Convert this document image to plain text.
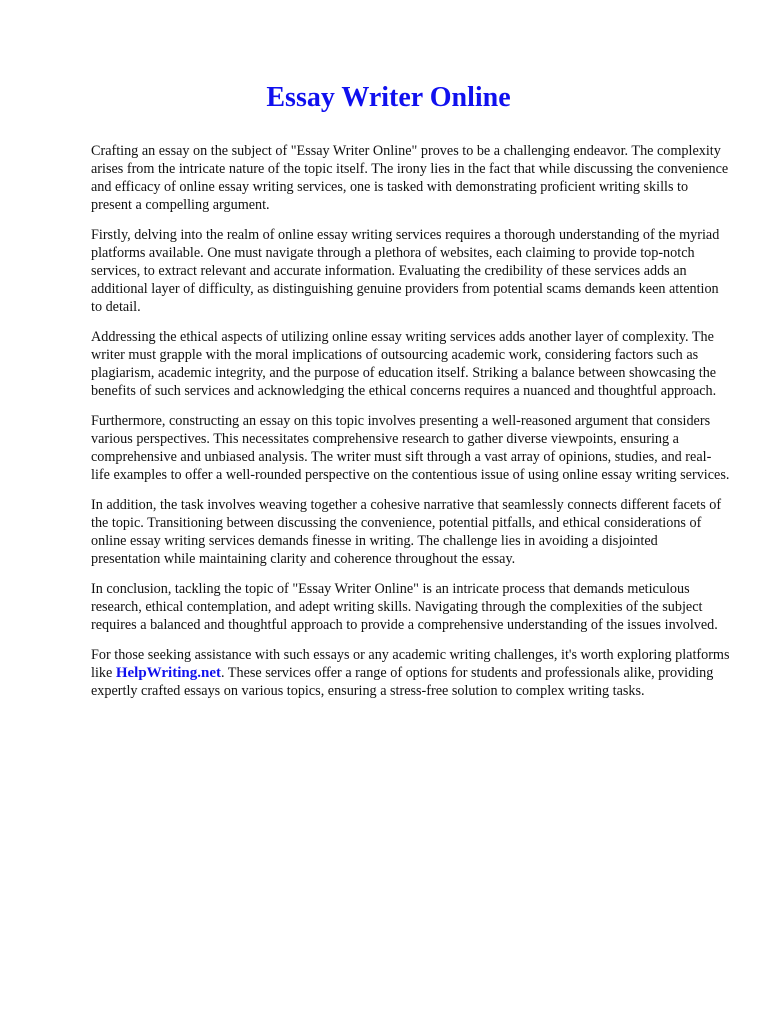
Essay Writer Online

Crafting an essay on the subject of "Essay Writer Online" proves to be a challenging endeavor. The complexity arises from the intricate nature of the topic itself. The irony lies in the fact that while discussing the convenience and efficacy of online essay writing services, one is tasked with demonstrating proficient writing skills to present a compelling argument.

Firstly, delving into the realm of online essay writing services requires a thorough understanding of the myriad platforms available. One must navigate through a plethora of websites, each claiming to provide top-notch services, to extract relevant and accurate information. Evaluating the credibility of these services adds an additional layer of difficulty, as distinguishing genuine providers from potential scams demands keen attention to detail.

Addressing the ethical aspects of utilizing online essay writing services adds another layer of complexity. The writer must grapple with the moral implications of outsourcing academic work, considering factors such as plagiarism, academic integrity, and the purpose of education itself. Striking a balance between showcasing the benefits of such services and acknowledging the ethical concerns requires a nuanced and thoughtful approach.

Furthermore, constructing an essay on this topic involves presenting a well-reasoned argument that considers various perspectives. This necessitates comprehensive research to gather diverse viewpoints, ensuring a comprehensive and unbiased analysis. The writer must sift through a vast array of opinions, studies, and real-life examples to offer a well-rounded perspective on the contentious issue of using online essay writing services.

In addition, the task involves weaving together a cohesive narrative that seamlessly connects different facets of the topic. Transitioning between discussing the convenience, potential pitfalls, and ethical considerations of online essay writing services demands finesse in writing. The challenge lies in avoiding a disjointed presentation while maintaining clarity and coherence throughout the essay.

In conclusion, tackling the topic of "Essay Writer Online" is an intricate process that demands meticulous research, ethical contemplation, and adept writing skills. Navigating through the complexities of the subject requires a balanced and thoughtful approach to provide a comprehensive understanding of the issues involved.

For those seeking assistance with such essays or any academic writing challenges, it's worth exploring platforms like HelpWriting.net. These services offer a range of options for students and professionals alike, providing expertly crafted essays on various topics, ensuring a stress-free solution to complex writing tasks.
